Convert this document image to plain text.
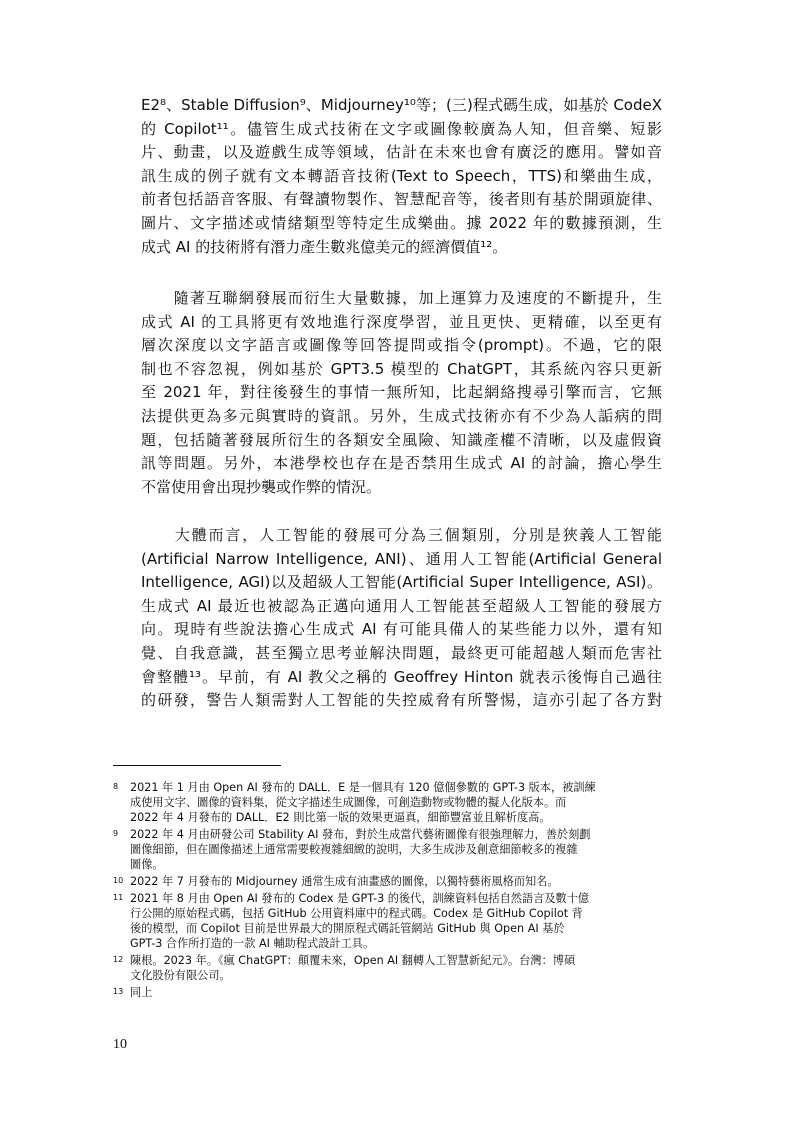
E2⁸、Stable Diffusion⁹、Midjourney¹⁰等；(三)程式碼生成，如基於 CodeX
的 Copilot¹¹。儘管生成式技術在文字或圖像較廣為人知，但音樂、短影
片、動畫，以及遊戲生成等領域，估計在未來也會有廣泛的應用。譬如音
訊生成的例子就有文本轉語音技術(Text to Speech，TTS)和樂曲生成，
前者包括語音客服、有聲讀物製作、智慧配音等，後者則有基於開頭旋律、
圖片、文字描述或情緒類型等特定生成樂曲。據 2022 年的數據預測，生
成式 AI 的技術將有潛力產生數兆億美元的經濟價值¹²。
　　隨著互聯網發展而衍生大量數據，加上運算力及速度的不斷提升，生
成式 AI 的工具將更有效地進行深度學習，並且更快、更精確，以至更有
層次深度以文字語言或圖像等回答提問或指令(prompt)。不過，它的限
制也不容忽視，例如基於 GPT3.5 模型的 ChatGPT，其系統內容只更新
至 2021 年，對往後發生的事情一無所知，比起網絡搜尋引擎而言，它無
法提供更為多元與實時的資訊。另外，生成式技術亦有不少為人詬病的問
題，包括隨著發展所衍生的各類安全風險、知識產權不清晰，以及虛假資
訊等問題。另外，本港學校也存在是否禁用生成式 AI 的討論，擔心學生
不當使用會出現抄襲或作弊的情況。
　　大體而言，人工智能的發展可分為三個類別，分別是狹義人工智能
(Artificial Narrow Intelligence, ANI)、通用人工智能(Artificial General
Intelligence, AGI)以及超級人工智能(Artificial Super Intelligence, ASI)。
生成式 AI 最近也被認為正邁向通用人工智能甚至超級人工智能的發展方
向。現時有些說法擔心生成式 AI 有可能具備人的某些能力以外，還有知
覺、自我意識，甚至獨立思考並解決問題，最終更可能超越人類而危害社
會整體¹³。早前，有 AI 教父之稱的 Geoffrey Hinton 就表示後悔自己過往
的研發，警告人類需對人工智能的失控威脅有所警惕，這亦引起了各方對
8 2021 年 1 月由 Open AI 發布的 DALL．E 是一個具有 120 億個參數的 GPT-3 版本，被訓練
成使用文字、圖像的資料集，從文字描述生成圖像，可創造動物或物體的擬人化版本。而
2022 年 4 月發布的 DALL．E2 則比第一版的效果更逼真，細節豐富並且解析度高。
9 2022 年 4 月由研發公司 Stability AI 發布，對於生成當代藝術圖像有很強理解力，善於刻劃
圖像細節，但在圖像描述上通常需要較複雜細緻的說明，大多生成涉及創意細節較多的複雜
圖像。
10 2022 年 7 月發布的 Midjourney 通常生成有油畫感的圖像，以獨特藝術風格而知名。
11 2021 年 8 月由 Open AI 發布的 Codex 是 GPT-3 的後代，訓練資料包括自然語言及數十億
行公開的原始程式碼，包括 GitHub 公用資料庫中的程式碼。Codex 是 GitHub Copilot 背
後的模型，而 Copilot 目前是世界最大的開原程式碼託管網站 GitHub 與 Open AI 基於
GPT-3 合作所打造的一款 AI 輔助程式設計工具。
12 陳根。2023 年。《瘋 ChatGPT：顛覆未來，Open AI 翻轉人工智慧新紀元》。台灣：博碩
文化股份有限公司。
13 同上
10
